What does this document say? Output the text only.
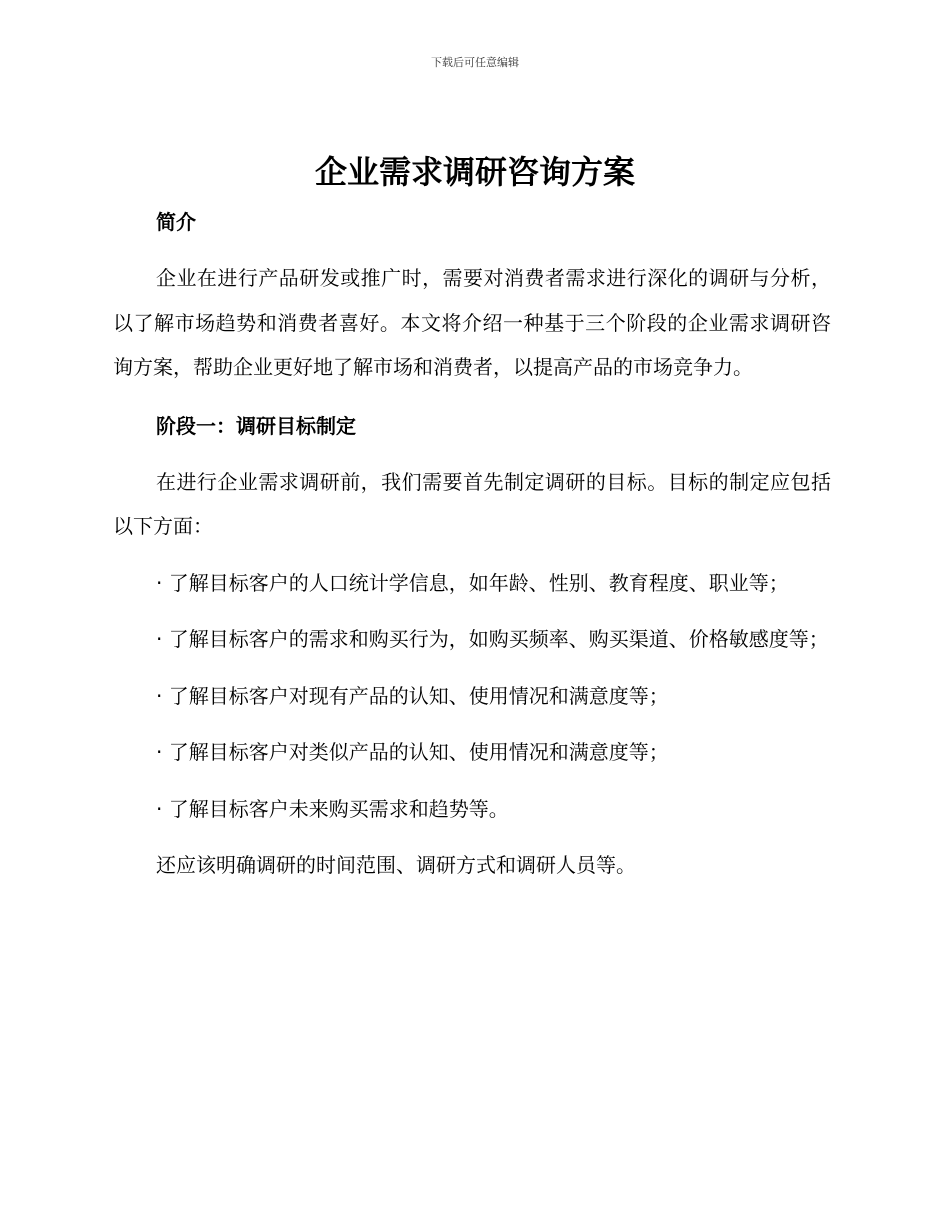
下载后可任意编辑
企业需求调研咨询方案
简介

企业在进行产品研发或推广时，需要对消费者需求进行深化的调研与分析，以了解市场趋势和消费者喜好。本文将介绍一种基于三个阶段的企业需求调研咨询方案，帮助企业更好地了解市场和消费者，以提高产品的市场竞争力。

阶段一：调研目标制定

在进行企业需求调研前，我们需要首先制定调研的目标。目标的制定应包括以下方面：

· 了解目标客户的人口统计学信息，如年龄、性别、教育程度、职业等；

· 了解目标客户的需求和购买行为，如购买频率、购买渠道、价格敏感度等；

· 了解目标客户对现有产品的认知、使用情况和满意度等；

· 了解目标客户对类似产品的认知、使用情况和满意度等；

· 了解目标客户未来购买需求和趋势等。

还应该明确调研的时间范围、调研方式和调研人员等。
